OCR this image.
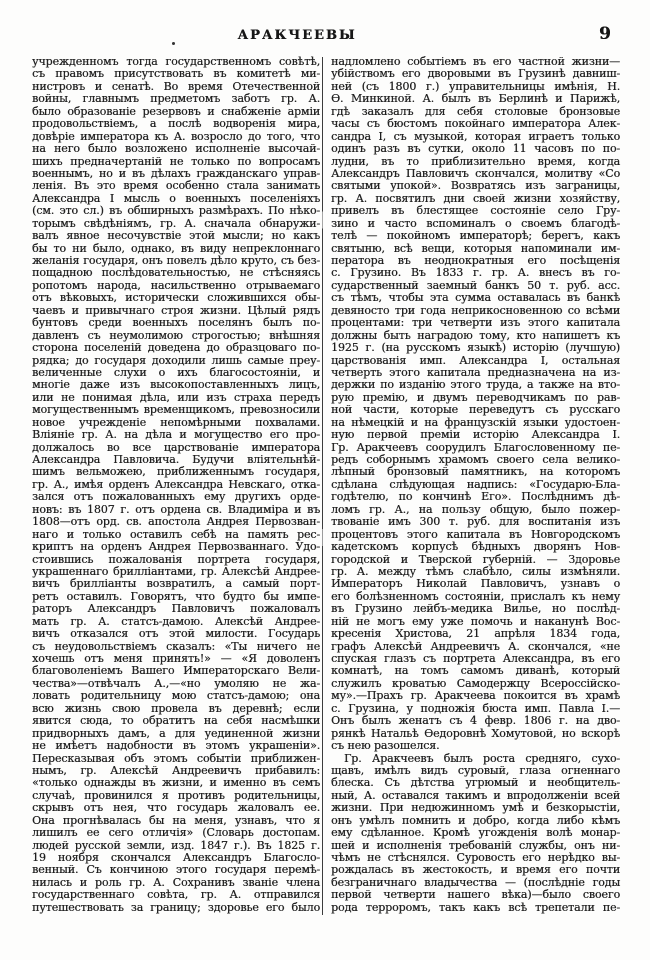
АРАКЧЕЕВЫ	9
учрежденномъ тогда государственномъ совѣтѣ,
съ правомъ присутствовать въ комитетѣ ми-
нистровъ и сенатѣ. Во время Отечественной
войны, главнымъ предметомъ заботъ гр. А.
было образованіе резервовъ и снабженіе арміи
продовольствіемъ, а послѣ водворенія мира,
довѣріе императора къ А. возросло до того, что
на него было возложено исполненіе высочай-
шихъ предначертаній не только по вопросамъ
военнымъ, но и въ дѣлахъ гражданскаго управ-
ленія. Въ это время особенно стала занимать
Александра I мысль о военныхъ поселеніяхъ
(см. это сл.) въ обширныхъ размѣрахъ. По нѣко-
торымъ свѣдѣніямъ, гр. А. сначала обнаружи-
валъ явное несочувствіе этой мысли; но какъ
бы то ни было, однако, въ виду непреклоннаго
желанія государя, онъ повелъ дѣло круто, съ без-
пощадною послѣдовательностью, не стѣсняясь
ропотомъ народа, насильственно отрываемаго
отъ вѣковыхъ, исторически сложившихся обы-
чаевъ и привычнаго строя жизни. Цѣлый рядъ
бунтовъ среди военныхъ поселянъ былъ по-
давленъ съ неумолимою строгостью; внѣшняя
сторона поселеній доведена до образцоваго по-
рядка; до государя доходили лишь самые преу-
величенные слухи о ихъ благосостояніи, и
многіе даже изъ высокопоставленныхъ лицъ,
или не понимая дѣла, или изъ страха передъ
могущественнымъ временщикомъ, превозносили
новое учрежденіе непомѣрными похвалами.
Вліяніе гр. А. на дѣла и могущество его про-
должалось во все царствованіе императора
Александра Павловича. Будучи вліятельнѣй-
шимъ вельможею, приближеннымъ государя,
гр. А., имѣя орденъ Александра Невскаго, отка-
зался отъ пожалованныхъ ему другихъ орде-
новъ: въ 1807 г. отъ ордена св. Владиміра и въ
1808—отъ орд. св. апостола Андрея Первозван-
наго и только оставилъ себѣ на память рес-
криптъ на орденъ Андрея Первозваннаго. Удо-
стоившись пожалованія портрета государя,
украшеннаго брилліантами, гр. Алексѣй Андрее-
вичъ брилліанты возвратилъ, а самый порт-
ретъ оставилъ. Говорятъ, что будто бы импе-
раторъ Александръ Павловичъ пожаловалъ
мать гр. А. статсъ-дамою. Алексѣй Андрее-
вичъ отказался отъ этой милости. Государь
съ неудовольствіемъ сказалъ: «Ты ничего не
хочешь отъ меня принять!» — «Я доволенъ
благоволеніемъ Вашего Императорскаго Вели-
чества»—отвѣчалъ А.,—«но умоляю не жа-
ловать родительницу мою статсъ-дамою; она
всю жизнь свою провела въ деревнѣ; если
явится сюда, то обратитъ на себя насмѣшки
придворныхъ дамъ, а для уединенной жизни
не имѣетъ надобности въ этомъ украшеніи».
Пересказывая объ этомъ событіи приближен-
нымъ, гр. Алексѣй Андреевичъ прибавилъ:
«только однажды въ жизни, и именно въ семъ
случаѣ, провинился я противъ родительницы,
скрывъ отъ нея, что государь жаловалъ ее.
Она прогнѣвалась бы на меня, узнавъ, что я
лишилъ ее сего отличія» (Словарь достопам.
людей русской земли, изд. 1847 г.). Въ 1825 г.
19 ноября скончался Александръ Благосло-
венный. Съ кончиною этого государя перемѣ-
нилась и роль гр. А. Сохранивъ званіе члена
государственнаго совѣта, гр. А. отправился
путешествовать за границу; здоровье его было
надломлено событіемъ въ его частной жизни—
убійствомъ его дворовыми въ Грузинѣ давниш-
ней (съ 1800 г.) управительницы имѣнія, Н.
Ѳ. Минкиной. А. былъ въ Берлинѣ и Парижѣ,
гдѣ заказалъ для себя столовые бронзовые
часы съ бюстомъ покойнаго императора Алек-
сандра I, съ музыкой, которая играетъ только
одинъ разъ въ сутки, около 11 часовъ по по-
лудни, въ то приблизительно время, когда
Александръ Павловичъ скончался, молитву «Со
святыми упокой». Возвратясь изъ заграницы,
гр. А. посвятилъ дни своей жизни хозяйству,
привелъ въ блестящее состояніе село Гру-
зино и часто вспоминалъ о своемъ благодѣ-
телѣ — покойномъ императорѣ; берегъ, какъ
святыню, всѣ вещи, которыя напоминали им-
ператора въ неоднократныя его посѣщенія
с. Грузино. Въ 1833 г. гр. А. внесъ въ го-
сударственный заемный банкъ 50 т. руб. асс.
съ тѣмъ, чтобы эта сумма оставалась въ банкѣ
девяносто три года неприкосновенною со всѣми
процентами: три четверти изъ этого капитала
должны быть наградою тому, кто напишетъ къ
1925 г. (на русскомъ языкѣ) исторію (лучшую)
царствованія имп. Александра I, остальная
четверть этого капитала предназначена на из-
держки по изданію этого труда, а также на вто-
рую премію, и двумъ переводчикамъ по рав-
ной части, которые переведутъ съ русскаго
на нѣмецкій и на французскій языки удостоен-
ную первой преміи исторію Александра I.
Гр. Аракчеевъ соорудилъ Благословенному пе-
редъ соборнымъ храмомъ своего села велико-
лѣпный бронзовый памятникъ, на которомъ
сдѣлана слѣдующая надпись: «Государю-Бла-
годѣтелю, по кончинѣ Его». Послѣднимъ дѣ-
ломъ гр. А., на пользу общую, было пожер-
твованіе имъ 300 т. руб. для воспитанія изъ
процентовъ этого капитала въ Новгородскомъ
кадетскомъ корпусѣ бѣдныхъ дворянъ Нов-
городской и Тверской губерній. — Здоровье
гр. А. между тѣмъ слабѣло, силы измѣняли.
Императоръ Николай Павловичъ, узнавъ о
его болѣзненномъ состояніи, прислалъ къ нему
въ Грузино лейбъ-медика Вилье, но послѣд-
ній не могъ ему уже помочь и наканунѣ Вос-
кресенія Христова, 21 апрѣля 1834 года,
графъ Алексѣй Андреевичъ А. скончался, «не
спуская глазъ съ портрета Александра, въ его
комнатѣ, на томъ самомъ диванѣ, который
служилъ кроватью Самодержцу Всероссійско-
му».—Прахъ гр. Аракчеева покоится въ храмѣ
с. Грузина, у подножія бюста имп. Павла I.—
Онъ былъ женатъ съ 4 февр. 1806 г. на дво-
рянкѣ Натальѣ Ѳедоровнѣ Хомутовой, но вскорѣ
съ нею разошелся.
Гр. Аракчеевъ былъ роста средняго, сухо-
щавъ, имѣлъ видъ суровый, глаза огненнаго
блеска. Съ дѣтства угрюмый и необщитель-
ный, А. оставался такимъ и впродолженіи всей
жизни. При недюжинномъ умѣ и безкорыстіи,
онъ умѣлъ помнить и добро, когда либо кѣмъ
ему сдѣланное. Кромѣ угожденія волѣ монар-
шей и исполненія требованій службы, онъ ни-
чѣмъ не стѣснялся. Суровость его нерѣдко вы-
рождалась въ жестокость, и время его почти
безграничнаго владычества — (послѣдніе годы
первой четверти нашего вѣка)—было своего
рода терроромъ, такъ какъ всѣ трепетали пе-
